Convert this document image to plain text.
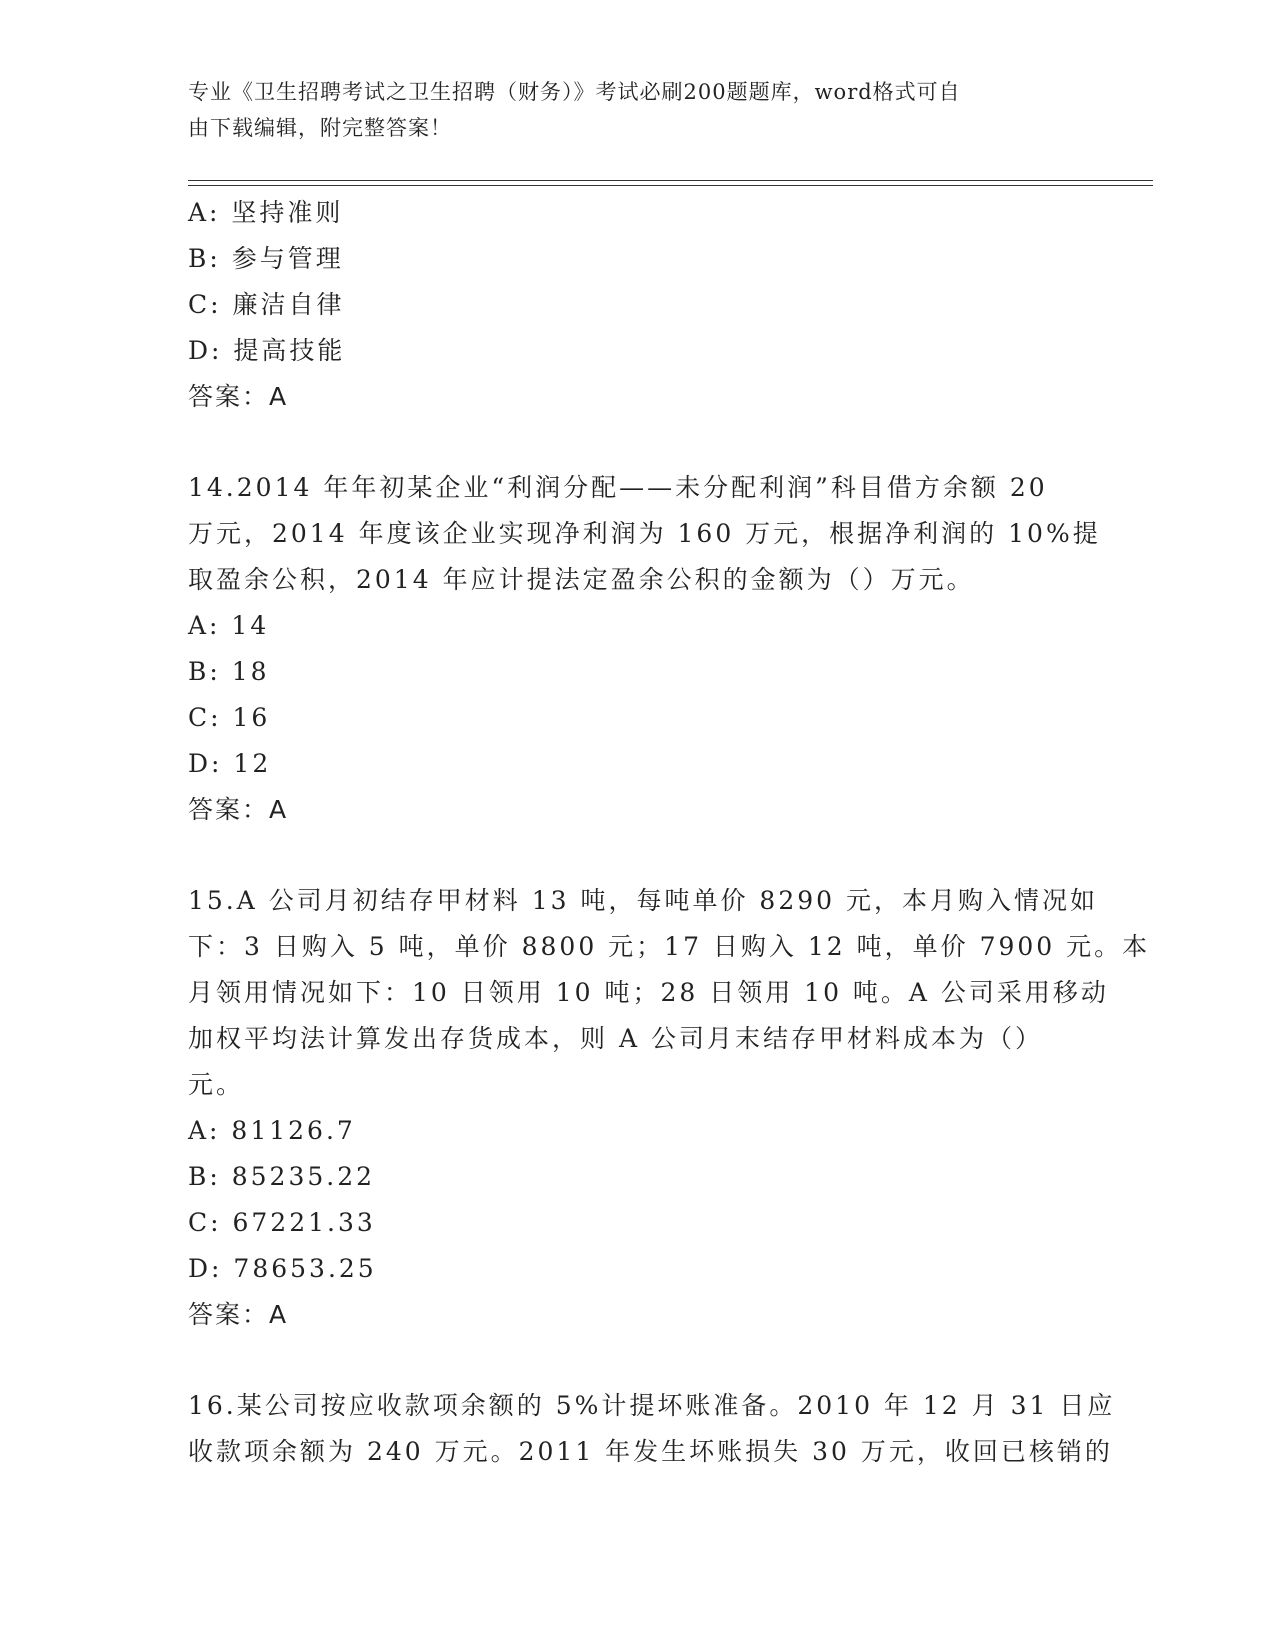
专业《卫生招聘考试之卫生招聘（财务）》考试必刷200题题库，word格式可自
由下载编辑，附完整答案！
A: 坚持准则
B: 参与管理
C: 廉洁自律
D: 提高技能
答案：A
14.2014 年年初某企业“利润分配——未分配利润”科目借方余额 20
万元，2014 年度该企业实现净利润为 160 万元，根据净利润的 10%提
取盈余公积，2014 年应计提法定盈余公积的金额为（）万元。
A: 14
B: 18
C: 16
D: 12
答案：A
15.A 公司月初结存甲材料 13 吨，每吨单价 8290 元，本月购入情况如
下：3 日购入 5 吨，单价 8800 元；17 日购入 12 吨，单价 7900 元。本
月领用情况如下：10 日领用 10 吨；28 日领用 10 吨。A 公司采用移动
加权平均法计算发出存货成本，则 A 公司月末结存甲材料成本为（）
元。
A: 81126.7
B: 85235.22
C: 67221.33
D: 78653.25
答案：A
16.某公司按应收款项余额的 5%计提坏账准备。2010 年 12 月 31 日应
收款项余额为 240 万元。2011 年发生坏账损失 30 万元，收回已核销的
